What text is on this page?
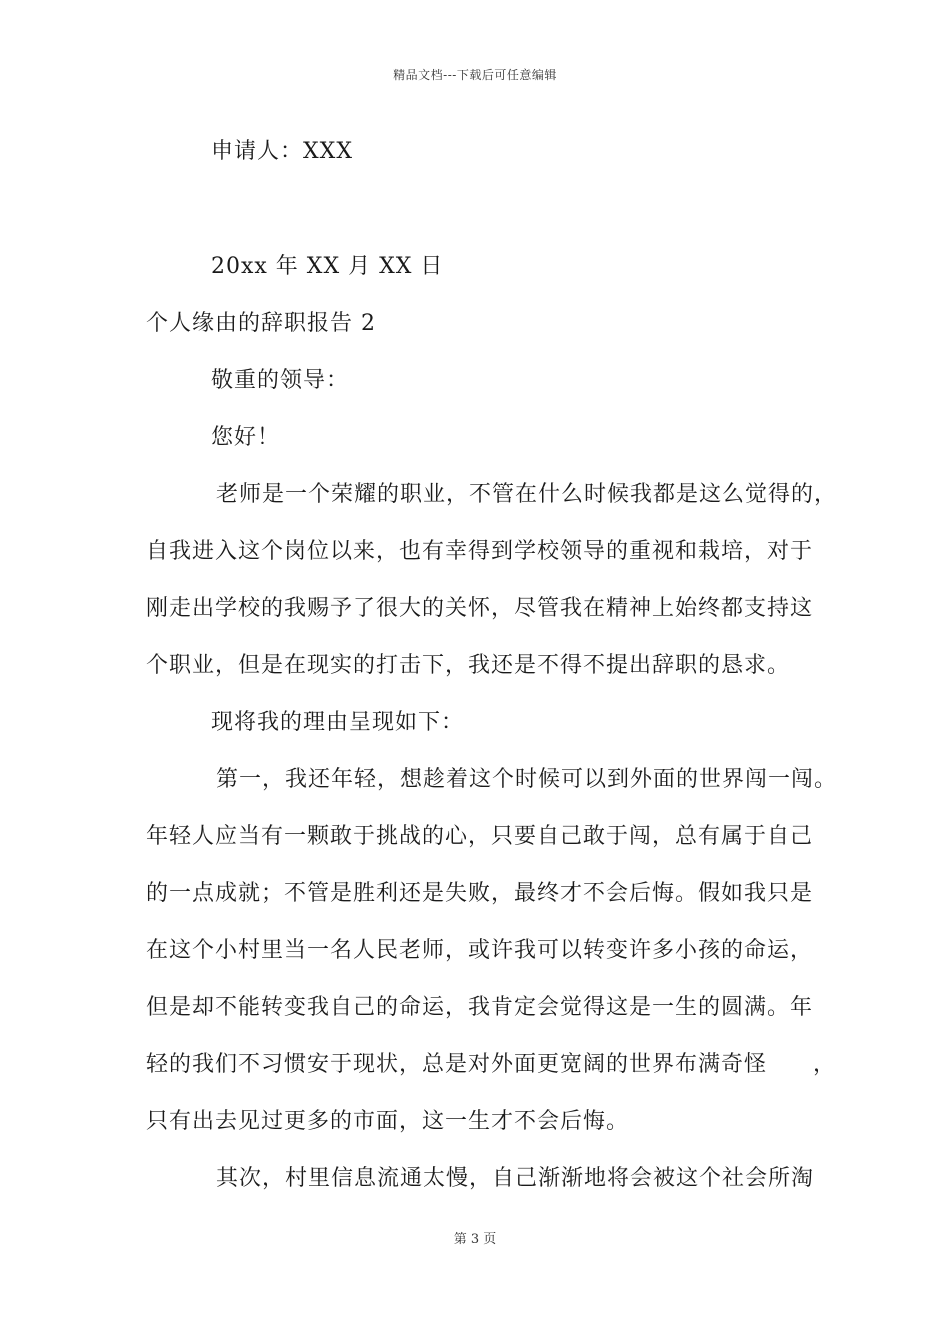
精品文档---下载后可任意编辑
申请人：XXX
20xx 年 XX 月 XX 日
个人缘由的辞职报告 2
敬重的领导：
您好！
老师是一个荣耀的职业，不管在什么时候我都是这么觉得的，
自我进入这个岗位以来，也有幸得到学校领导的重视和栽培，对于
刚走出学校的我赐予了很大的关怀，尽管我在精神上始终都支持这
个职业，但是在现实的打击下，我还是不得不提出辞职的恳求。
现将我的理由呈现如下：
第一，我还年轻，想趁着这个时候可以到外面的世界闯一闯。
年轻人应当有一颗敢于挑战的心，只要自己敢于闯，总有属于自己
的一点成就；不管是胜利还是失败，最终才不会后悔。假如我只是
在这个小村里当一名人民老师，或许我可以转变许多小孩的命运，
但是却不能转变我自己的命运，我肯定会觉得这是一生的圆满。年
轻的我们不习惯安于现状，总是对外面更宽阔的世界布满奇怪　　，
只有出去见过更多的市面，这一生才不会后悔。
其次，村里信息流通太慢，自己渐渐地将会被这个社会所淘
第 3 页
